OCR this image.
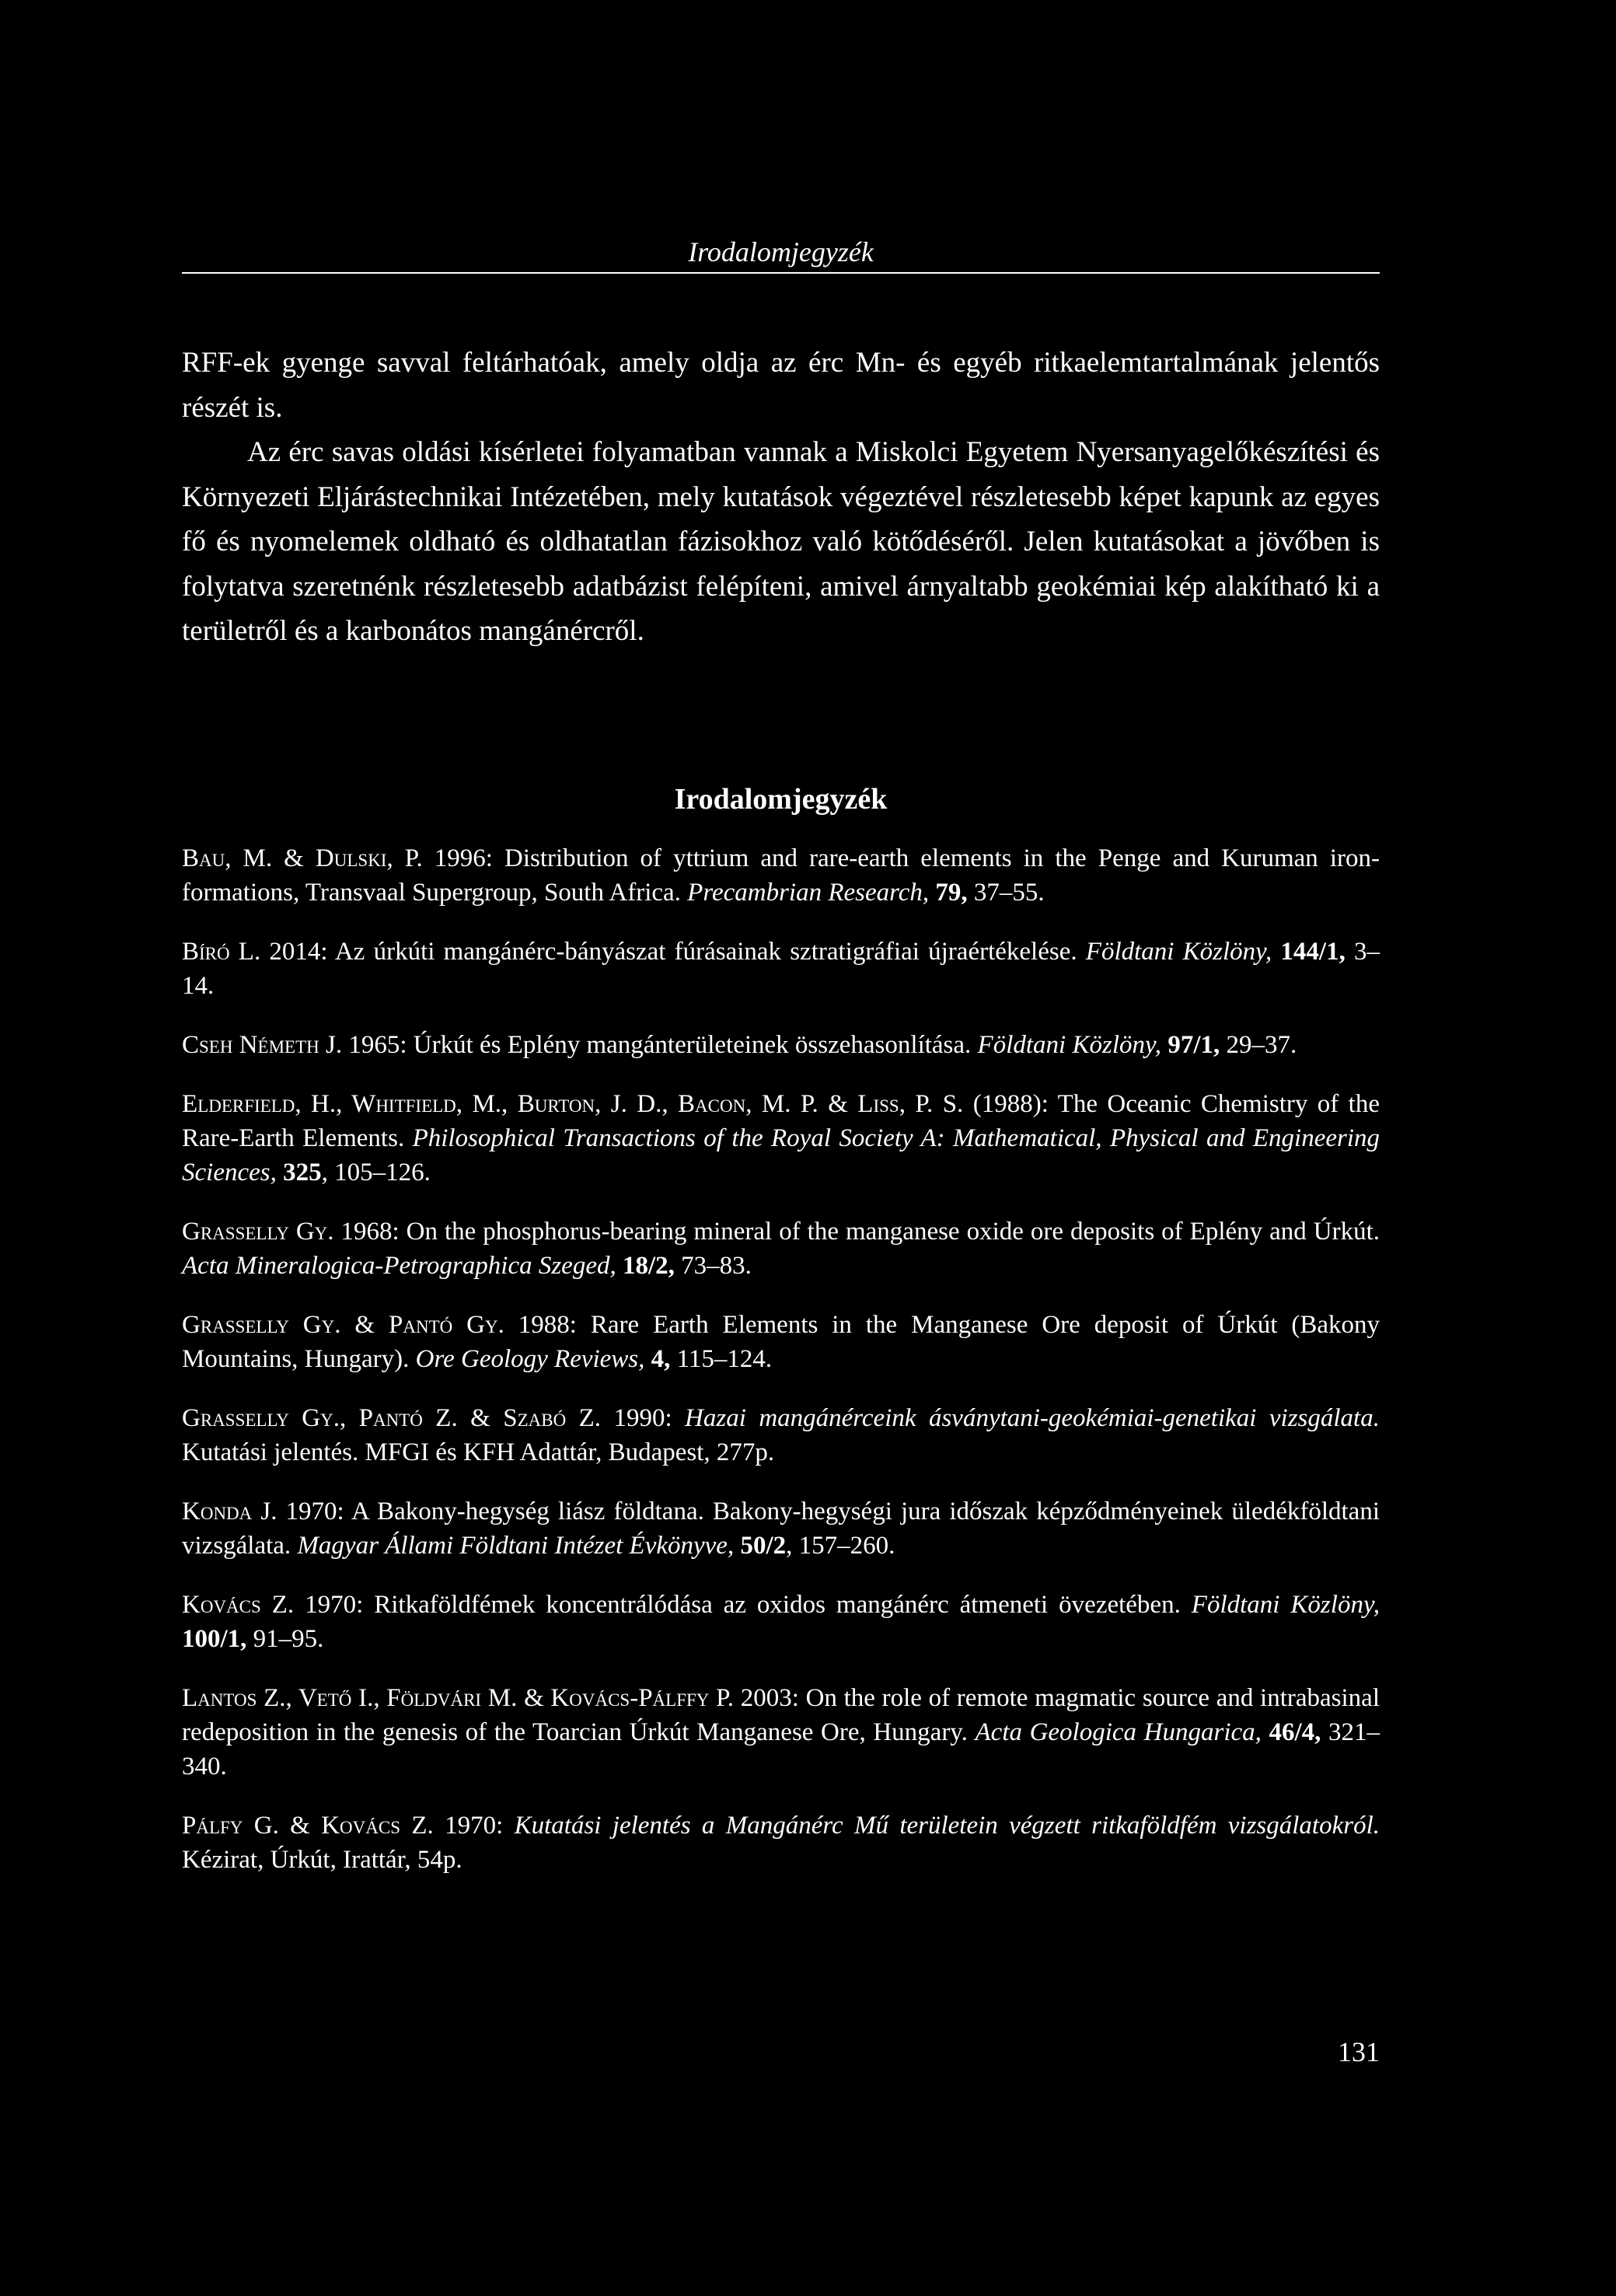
Irodalomjegyzék

RFF-ek gyenge savval feltárhatóak, amely oldja az érc Mn- és egyéb ritkaelemtartalmának jelentős részét is.

Az érc savas oldási kísérletei folyamatban vannak a Miskolci Egyetem Nyersanyagelőkészítési és Környezeti Eljárástechnikai Intézetében, mely kutatások végeztével részletesebb képet kapunk az egyes fő és nyomelemek oldható és oldhatatlan fázisokhoz való kötődéséről. Jelen kutatásokat a jövőben is folytatva szeretnénk részletesebb adatbázist felépíteni, amivel árnyaltabb geokémiai kép alakítható ki a területről és a karbonátos mangánércről.

Irodalomjegyzék

Bau, M. & Dulski, P. 1996: Distribution of yttrium and rare-earth elements in the Penge and Kuruman iron-formations, Transvaal Supergroup, South Africa. Precambrian Research, 79, 37–55.

Bíró L. 2014: Az úrkúti mangánérc-bányászat fúrásainak sztratigráfiai újraértékelése. Földtani Közlöny, 144/1, 3–14.

Cseh Németh J. 1965: Úrkút és Eplény mangánterületeinek összehasonlítása. Földtani Közlöny, 97/1, 29–37.

Elderfield, H., Whitfield, M., Burton, J. D., Bacon, M. P. & Liss, P. S. (1988): The Oceanic Chemistry of the Rare-Earth Elements. Philosophical Transactions of the Royal Society A: Mathematical, Physical and Engineering Sciences, 325, 105–126.

Grasselly Gy. 1968: On the phosphorus-bearing mineral of the manganese oxide ore deposits of Eplény and Úrkút. Acta Mineralogica-Petrographica Szeged, 18/2, 73–83.

Grasselly Gy. & Pantó Gy. 1988: Rare Earth Elements in the Manganese Ore deposit of Úrkút (Bakony Mountains, Hungary). Ore Geology Reviews, 4, 115–124.

Grasselly Gy., Pantó Z. & Szabó Z. 1990: Hazai mangánérceink ásványtani-geokémiai-genetikai vizsgálata. Kutatási jelentés. MFGI és KFH Adattár, Budapest, 277p.

Konda J. 1970: A Bakony-hegység liász földtana. Bakony-hegységi jura időszak képződményeinek üledékföldtani vizsgálata. Magyar Állami Földtani Intézet Évkönyve, 50/2, 157–260.

Kovács Z. 1970: Ritkaföldfémek koncentrálódása az oxidos mangánérc átmeneti övezetében. Földtani Közlöny, 100/1, 91–95.

Lantos Z., Vető I., Földvári M. & Kovács-Pálffy P. 2003: On the role of remote magmatic source and intrabasinal redeposition in the genesis of the Toarcian Úrkút Manganese Ore, Hungary. Acta Geologica Hungarica, 46/4, 321–340.

Pálfy G. & Kovács Z. 1970: Kutatási jelentés a Mangánérc Mű területein végzett ritkaföldfém vizsgálatokról. Kézirat, Úrkút, Irattár, 54p.

131
